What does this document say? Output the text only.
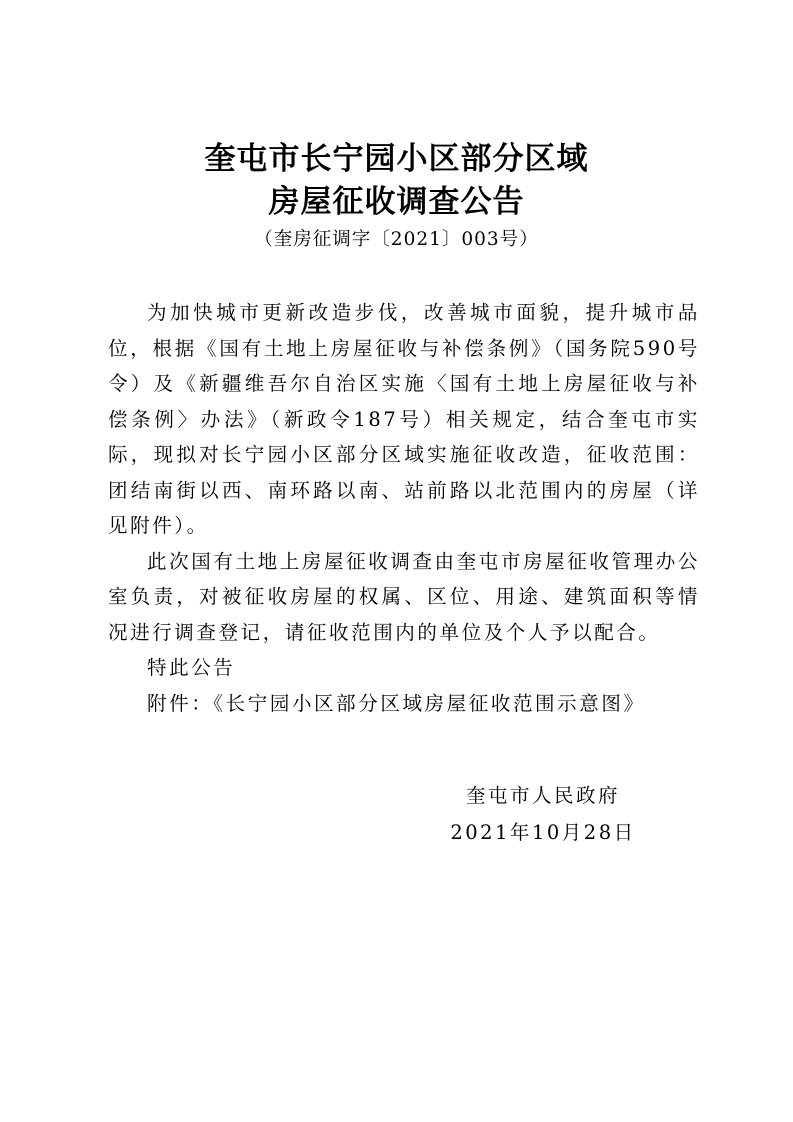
奎屯市长宁园小区部分区域
房屋征收调查公告
（奎房征调字〔2021〕003号）

为加快城市更新改造步伐，改善城市面貌，提升城市品位，根据《国有土地上房屋征收与补偿条例》（国务院590号令）及《新疆维吾尔自治区实施〈国有土地上房屋征收与补偿条例〉办法》（新政令187号）相关规定，结合奎屯市实际，现拟对长宁园小区部分区域实施征收改造，征收范围：团结南街以西、南环路以南、站前路以北范围内的房屋（详见附件）。

此次国有土地上房屋征收调查由奎屯市房屋征收管理办公室负责，对被征收房屋的权属、区位、用途、建筑面积等情况进行调查登记，请征收范围内的单位及个人予以配合。

特此公告

附件：《长宁园小区部分区域房屋征收范围示意图》

奎屯市人民政府
2021年10月28日
